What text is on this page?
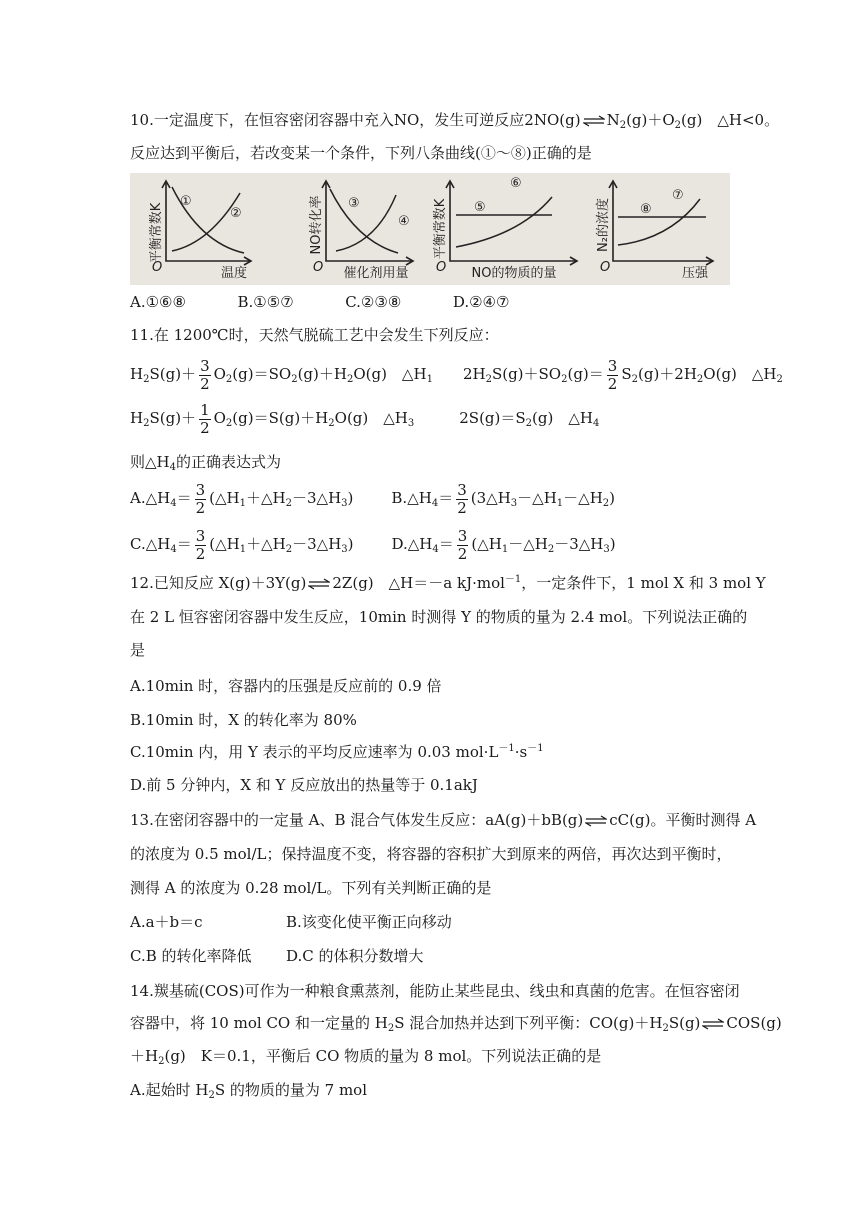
10.一定温度下，在恒容密闭容器中充入NO，发生可逆反应2NO(g) ⇌ $N_2(g)+O_2(g)$　△H<0。
反应达到平衡后，若改变某一个条件，下列八条曲线(①～⑧)正确的是
平衡常数K	NO转化率	平衡常数K	N₂的浓度
温度	催化剂用量	NO的物质的量	压强
O	O	O	O
①
②
③
④
⑤
⑥
⑧
⑦
A.①⑥⑧	B.①⑤⑦	C.②③⑧	D.②④⑦
11.在 1200℃时，天然气脱硫工艺中会发生下列反应：
$H_2S(g)+ \frac{3}{2} O_2(g)=SO_2(g)+H_2O(g)$　$\triangle H_1$　　$2H_2S(g)+SO_2(g)= \frac{3}{2} S_2(g)+2H_2O(g)$　$\triangle H_2$
$H_2S(g)+ \frac{1}{2} O_2(g)=S(g)+H_2O(g)$　$\triangle H_3$　　　$2S(g)=S_2(g)$　$\triangle H_4$
则$\triangle H_4$的正确表达式为
$A.\triangle H_4= \frac{3}{2}$ $(\triangle H_1+\triangle H_2-3\triangle H_3)$	$B.\triangle H_4= \frac{3}{2}$ $(3\triangle H_3-\triangle H_1-\triangle H_2)$
$C.\triangle H_4= \frac{3}{2}$ $(\triangle H_1+\triangle H_2-3\triangle H_3)$	$D.\triangle H_4= \frac{3}{2}$ $(\triangle H_1-\triangle H_2-3\triangle H_3)$
12.已知反应 X(g)＋3Y(g) ⇌ 2Z(g)　△H＝－a kJ·mol$^{-1}$，一定条件下，1 mol X 和 3 mol Y
在 2 L 恒容密闭容器中发生反应，10min 时测得 Y 的物质的量为 2.4 mol。下列说法正确的
是
A.10min 时，容器内的压强是反应前的 0.9 倍
B.10min 时，X 的转化率为 80%
C.10min 内，用 Y 表示的平均反应速率为 0.03 $mol\cdot L^{-1}\cdot s^{-1}$
D.前 5 分钟内，X 和 Y 反应放出的热量等于 0.1akJ
13.在密闭容器中的一定量 A、B 混合气体发生反应：aA(g)＋bB(g) ⇌ cC(g)。平衡时测得 A
的浓度为 0.5 mol/L；保持温度不变，将容器的容积扩大到原来的两倍，再次达到平衡时，
测得 A 的浓度为 0.28 mol/L。下列有关判断正确的是
A.a＋b＝c	B.该变化使平衡正向移动
C.B 的转化率降低 D.C 的体积分数增大
14.羰基硫(COS)可作为一种粮食熏蒸剂，能防止某些昆虫、线虫和真菌的危害。在恒容密闭
容器中，将 10 mol CO 和一定量的 $H_2S$ 混合加热并达到下列平衡：$CO(g)+H_2S(g)$ ⇌ COS(g)
$+H_2(g)$　K＝0.1，平衡后 CO 物质的量为 8 mol。下列说法正确的是
A.起始时 $H_2S$ 的物质的量为 7 mol
